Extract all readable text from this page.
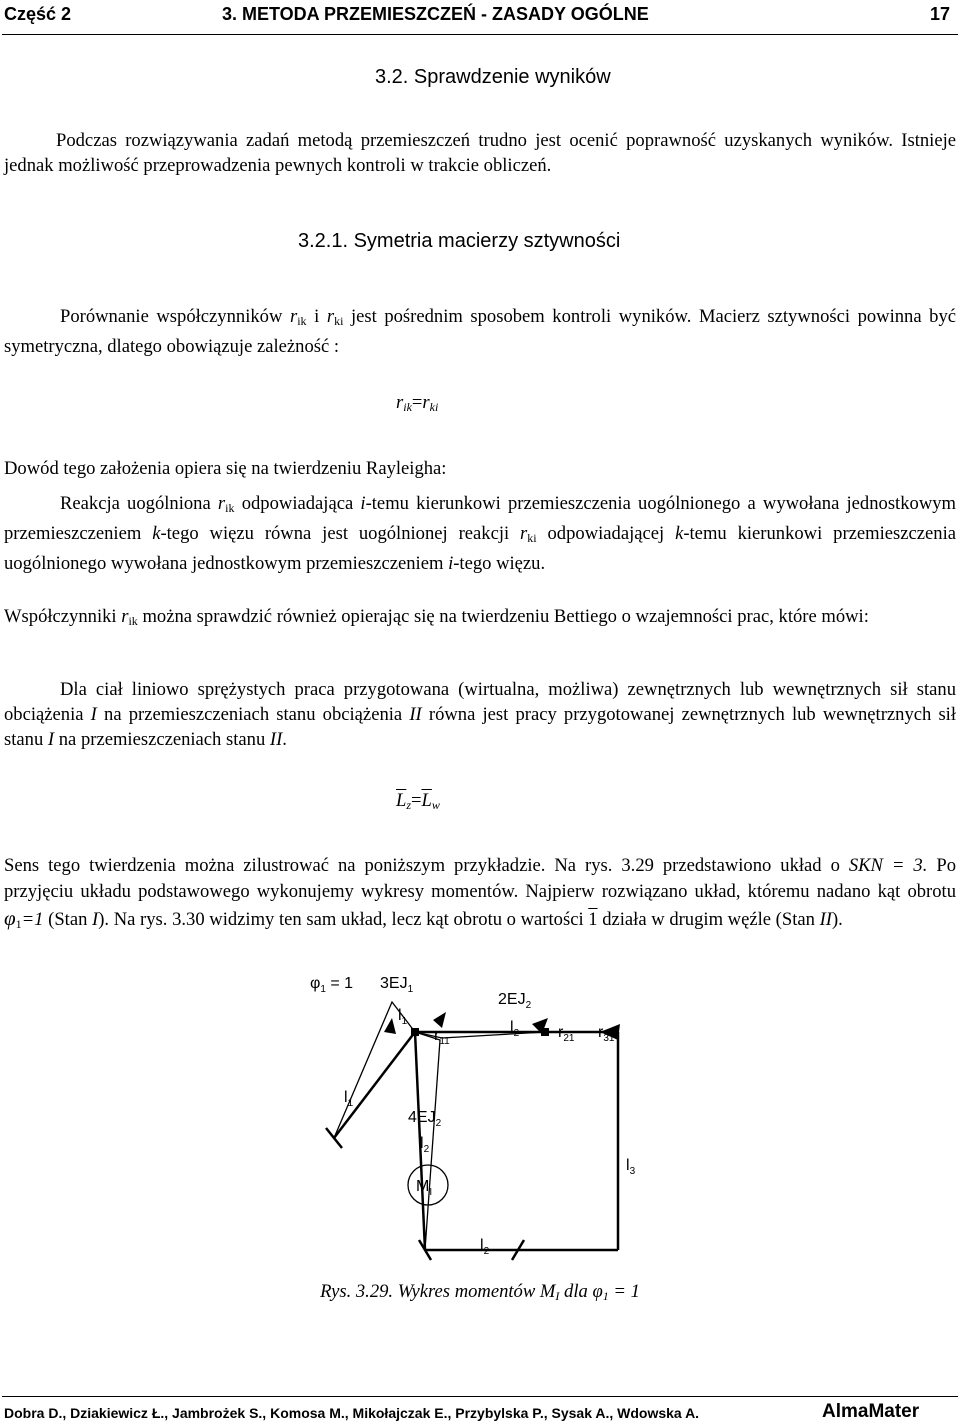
Część 2	3. METODA PRZEMIESZCZEŃ - ZASADY OGÓLNE	17
3.2. Sprawdzenie wyników
Podczas rozwiązywania zadań metodą przemieszczeń trudno jest ocenić poprawność uzyskanych wyników. Istnieje jednak możliwość przeprowadzenia pewnych kontroli w trakcie obliczeń.
3.2.1. Symetria macierzy sztywności
Porównanie współczynników $r_{ik}$ i $r_{ki}$ jest pośrednim sposobem kontroli wyników. Macierz sztywności powinna być symetryczna, dlatego obowiązuje zależność :
$r_{ik}=r_{ki}$
Dowód tego założenia opiera się na twierdzeniu Rayleigha:
Reakcja uogólniona $r_{ik}$ odpowiadająca i-temu kierunkowi przemieszczenia uogólnionego a wywołana jednostkowym przemieszczeniem k-tego więzu równa jest uogólnionej reakcji $r_{ki}$ odpowiadającej k-temu kierunkowi przemieszczenia uogólnionego wywołana jednostkowym przemieszczeniem i-tego więzu.
Współczynniki $r_{ik}$ można sprawdzić również opierając się na twierdzeniu Bettiego o wzajemności prac, które mówi:
Dla ciał liniowo sprężystych praca przygotowana (wirtualna, możliwa) zewnętrznych lub wewnętrznych sił stanu obciążenia I na przemieszczeniach stanu obciążenia II równa jest pracy przygotowanej zewnętrznych lub wewnętrznych sił stanu I na przemieszczeniach stanu II.
$\overline{L}_z=\overline{L}_w$
Sens tego twierdzenia można zilustrować na poniższym przykładzie. Na rys. 3.29 przedstawiono układ o SKN = 3. Po przyjęciu układu podstawowego wykonujemy wykresy momentów. Najpierw rozwiązano układ, któremu nadano kąt obrotu $\varphi_1=1$ (Stan I). Na rys. 3.30 widzimy ten sam układ, lecz kąt obrotu o wartości 1 działa w drugim węźle (Stan II).
$\varphi_1 = 1$ $3EJ_1$
$l_1$
$2EJ_2$
$l_2$
$r_{11}$
$r_{21}$ $r_{31}$
$l_1$
$4EJ_2$
$l_2$
$l_3$
$l_2$
$M_I$
Rys. 3.29. Wykres momentów $M_I$ dla $\varphi_1 = 1$
Dobra D., Dziakiewicz Ł., Jambrożek S., Komosa M., Mikołajczak E., Przybylska P., Sysak A., Wdowska A.	AlmaMater
